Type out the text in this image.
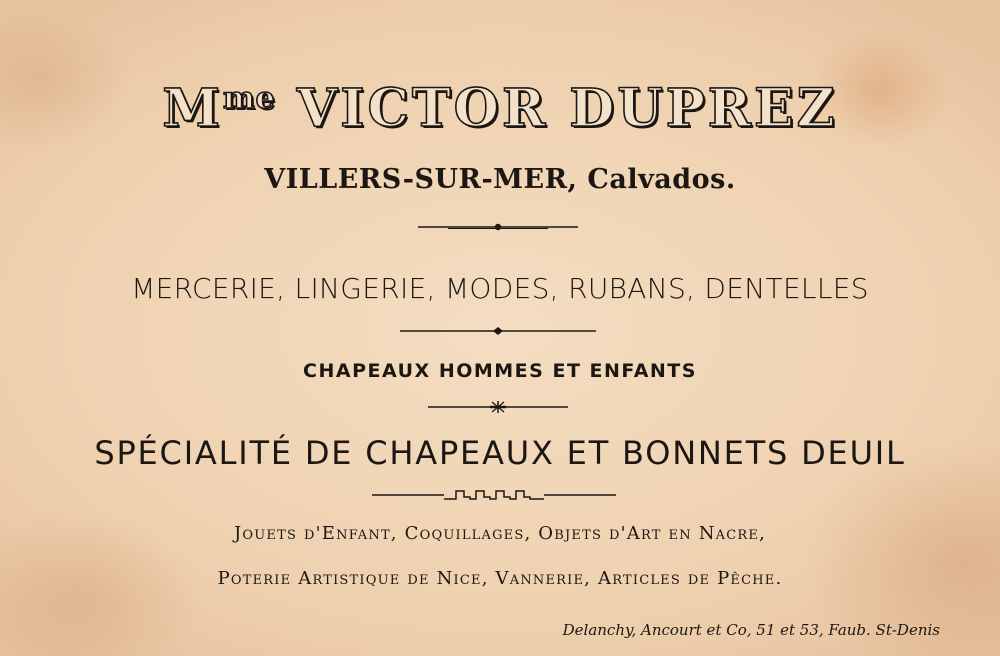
$M^{me}$ VICTOR DUPREZ
VILLERS-SUR-MER, Calvados.
MERCERIE, LINGERIE, MODES, RUBANS, DENTELLES
CHAPEAUX HOMMES ET ENFANTS
SPÉCIALITÉ DE CHAPEAUX ET BONNETS DEUIL
Jouets d'Enfant, Coquillages, Objets d'Art en Nacre,
Poterie Artistique de Nice, Vannerie, Articles de Pêche.
Delanchy, Ancourt et Co, 51 et 53, Faub. St-Denis
